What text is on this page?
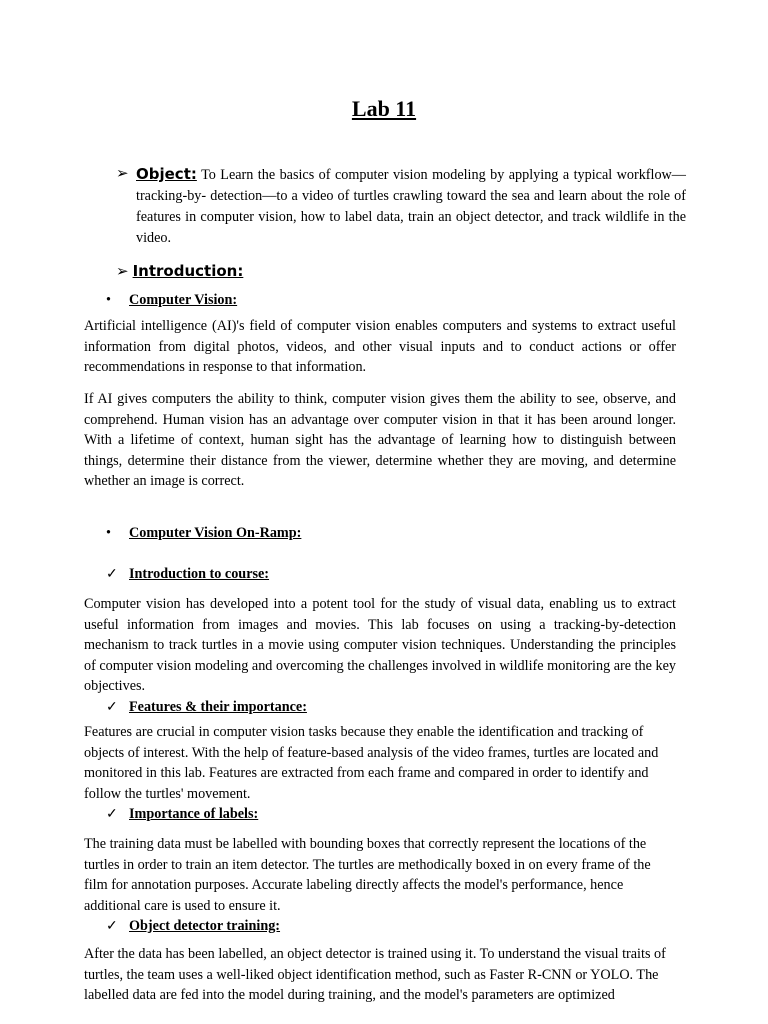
Lab 11
➢ Object: To Learn the basics of computer vision modeling by applying a typical workflow—tracking-by- detection—to a video of turtles crawling toward the sea and learn about the role of features in computer vision, how to label data, train an object detector, and track wildlife in the video.

➢ Introduction:

• Computer Vision:

Artificial intelligence (AI)'s field of computer vision enables computers and systems to extract useful information from digital photos, videos, and other visual inputs and to conduct actions or offer recommendations in response to that information.

If AI gives computers the ability to think, computer vision gives them the ability to see, observe, and comprehend. Human vision has an advantage over computer vision in that it has been around longer. With a lifetime of context, human sight has the advantage of learning how to distinguish between things, determine their distance from the viewer, determine whether they are moving, and determine whether an image is correct.

• Computer Vision On-Ramp:

✓ Introduction to course:

Computer vision has developed into a potent tool for the study of visual data, enabling us to extract useful information from images and movies. This lab focuses on using a tracking-by-detection mechanism to track turtles in a movie using computer vision techniques. Understanding the principles of computer vision modeling and overcoming the challenges involved in wildlife monitoring are the key objectives.

✓ Features & their importance:

Features are crucial in computer vision tasks because they enable the identification and tracking of objects of interest. With the help of feature-based analysis of the video frames, turtles are located and monitored in this lab. Features are extracted from each frame and compared in order to identify and follow the turtles' movement.

✓ Importance of labels:

The training data must be labelled with bounding boxes that correctly represent the locations of the turtles in order to train an item detector. The turtles are methodically boxed in on every frame of the film for annotation purposes. Accurate labeling directly affects the model's performance, hence additional care is used to ensure it.

✓ Object detector training:

After the data has been labelled, an object detector is trained using it. To understand the visual traits of turtles, the team uses a well-liked object identification method, such as Faster R-CNN or YOLO. The labelled data are fed into the model during training, and the model's parameters are optimized
